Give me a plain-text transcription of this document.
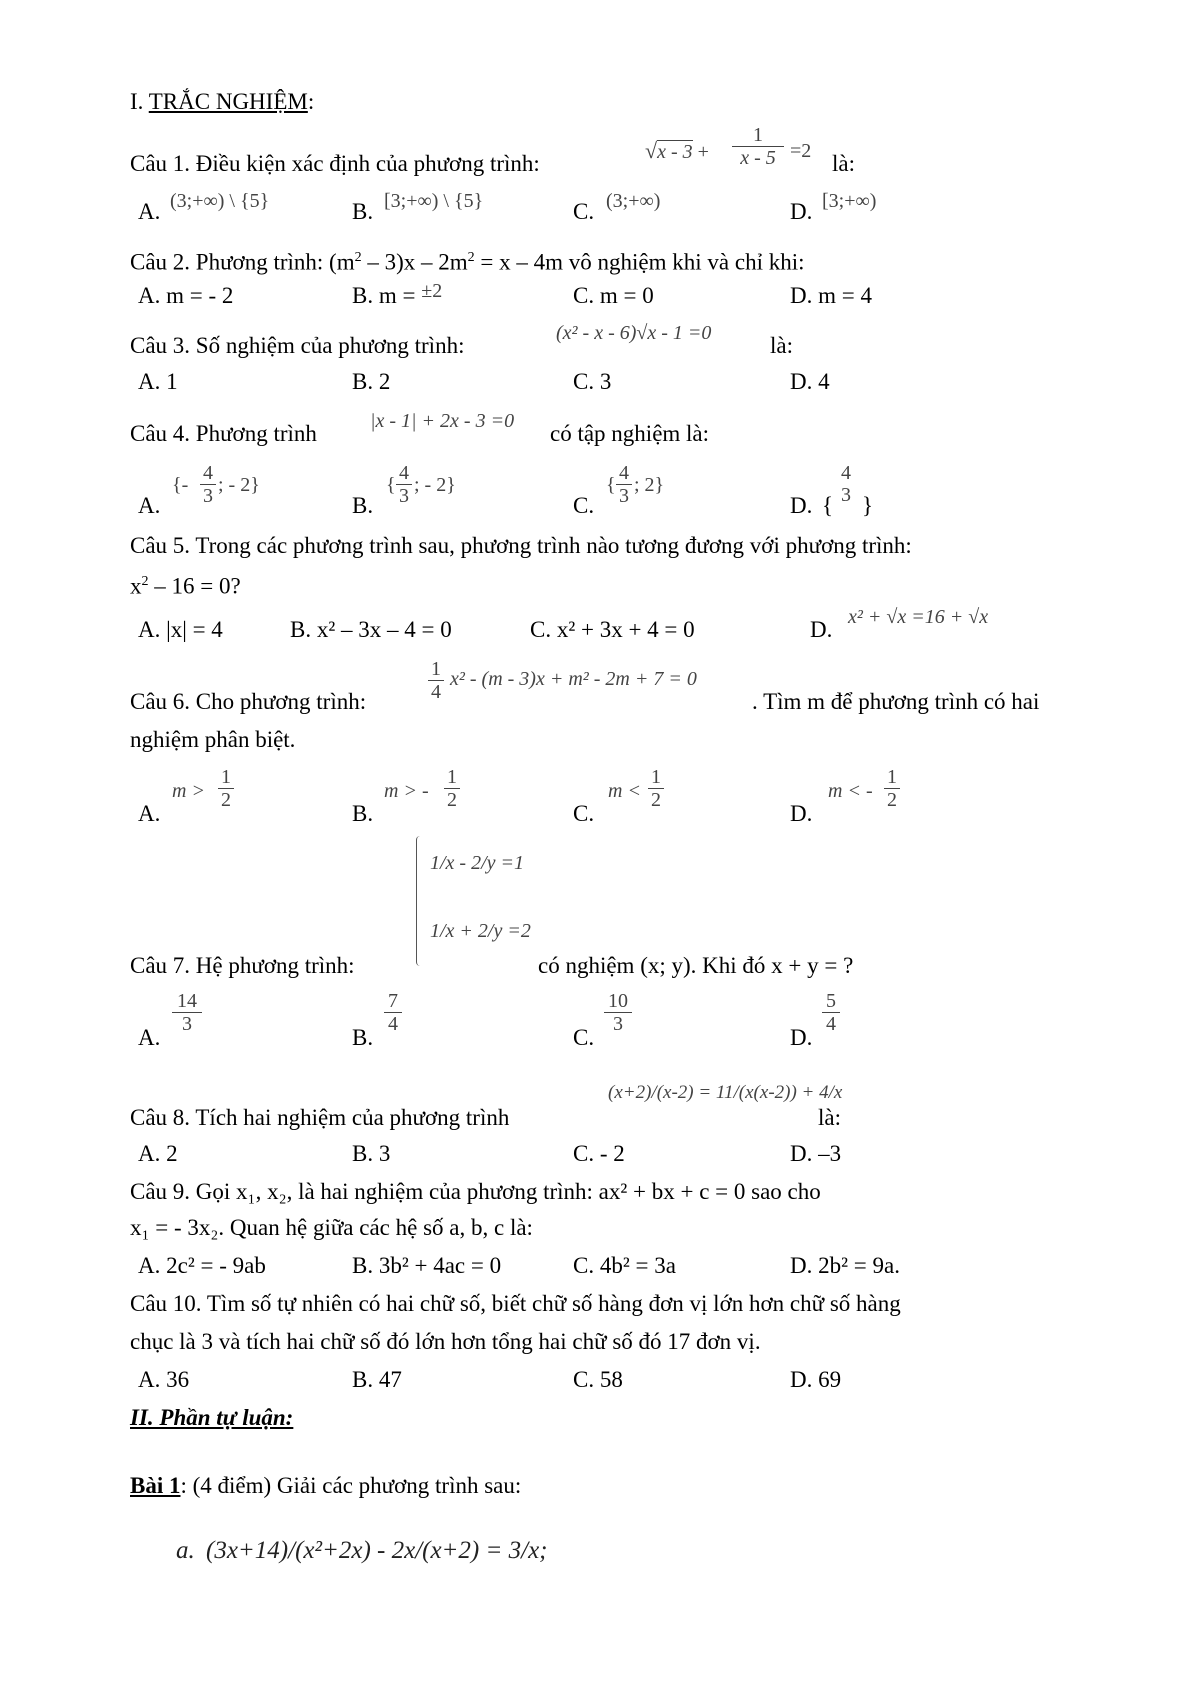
I. TRẮC NGHIỆM:
Câu 1. Điều kiện xác định của phương trình:
$√x - 3 + \frac{1}{x - 5} =2$ là:
A. (3;+∞) \ {5}	B. [3;+∞) \ {5}	C. (3;+∞)	D. [3;+∞)
Câu 2. Phương trình: $(m^2 - 3)x - 2m^2 = x - 4m$ vô nghiệm khi và chỉ khi:
A. m = - 2	B. m = ±2	C. m = 0	D. m = 4
Câu 3. Số nghiệm của phương trình:	(x² - x - 6)√x - 1 =0	là:
A. 1	B. 2	C. 3	D. 4
Câu 4. Phương trình	|x - 1| + 2x - 3 =0 có tập nghiệm là:
A.
{- $\frac{4}{3}$ ; - 2}
B.
{ $\frac{4}{3}$ ; - 2}
C.
{ $\frac{4}{3}$ ; 2}
D. {
4
3 }
Câu 5. Trong các phương trình sau, phương trình nào tương đương với phương trình:
$x^2 - 16 = 0$?
A. |x| = 4	B. x² – 3x – 4 = 0	C. x² + 3x + 4 = 0	D. x² + √x =16 + √x
Câu 6. Cho phương trình:	$\frac{1}{4} x^2 - (m - 3)x + m^2 - 2m + 7 = 0$
. Tìm m để phương trình có hai
nghiệm phân biệt.
A.
$m > \frac{1}{2}$
B.
m > - $\frac{1}{2}$
C.
$m < \frac{1}{2}$
D.
m < - $\frac{1}{2}$
1/x - 2/y =1
1/x + 2/y =2
Câu 7. Hệ phương trình:	có nghiệm (x; y). Khi đó x + y = ?
A.
$\frac{14}{3}$
B.
$\frac{7}{4}$
C.
$\frac{10}{3}$
D.
$\frac{5}{4}$
Câu 8. Tích hai nghiệm của phương trình
(x+2)/(x-2) = 11/(x(x-2)) + 4/x
là:
A. 2	B. 3	C. - 2	D. –3
Câu 9. Gọi x₁, x₂, là hai nghiệm của phương trình: ax² + bx + c = 0 sao cho
x₁ = - 3x₂. Quan hệ giữa các hệ số a, b, c là:
A. 2c² = - 9ab	B. 3b² + 4ac = 0	C. 4b² = 3a	D. 2b² = 9a.
Câu 10. Tìm số tự nhiên có hai chữ số, biết chữ số hàng đơn vị lớn hơn chữ số hàng
chục là 3 và tích hai chữ số đó lớn hơn tổng hai chữ số đó 17 đơn vị.
A. 36	B. 47	C. 58	D. 69
II. Phần tự luận:
Bài 1: (4 điểm) Giải các phương trình sau:
a. (3x+14)/(x²+2x) - 2x/(x+2) = 3/x;
